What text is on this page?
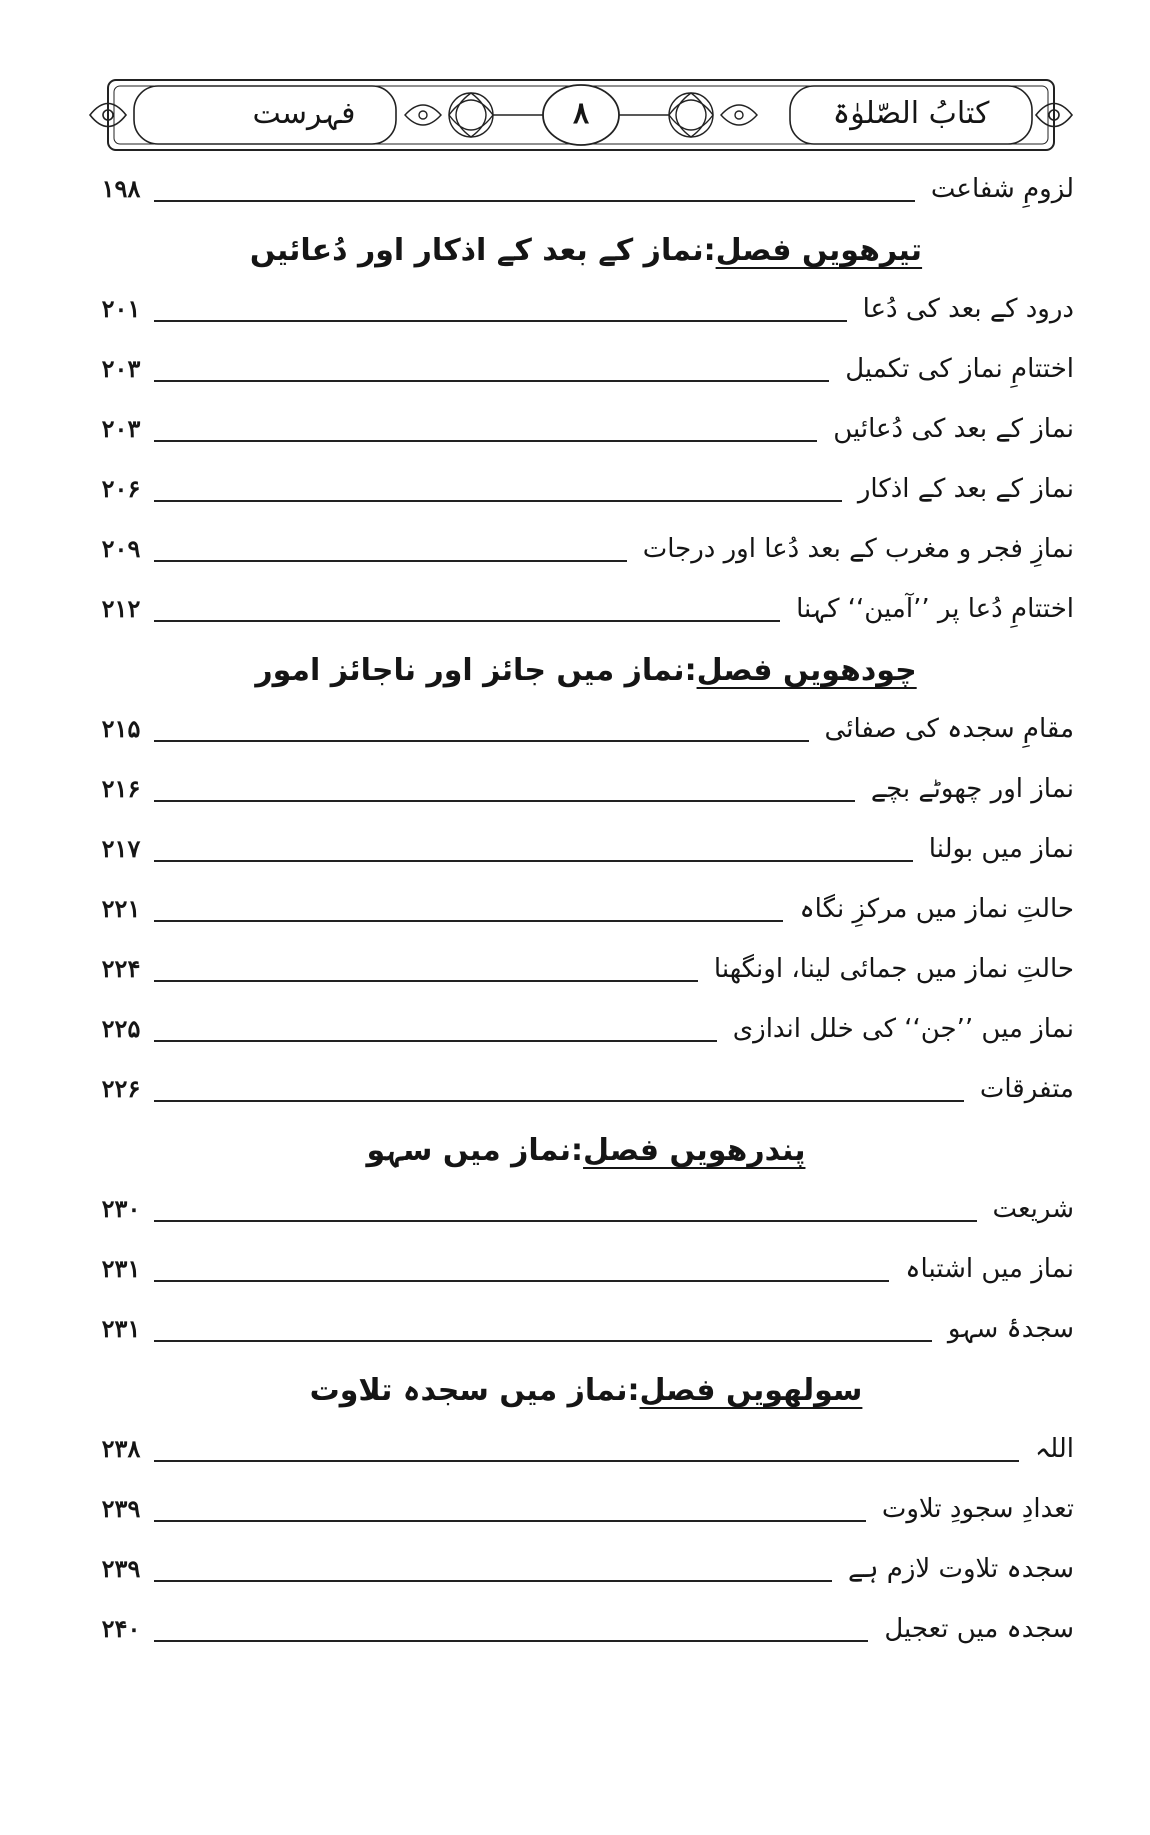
کتابُ الصّلوٰۃ
۸
فہرست
لزومِ شفاعت
۱۹۸
تیرھویں فصل:نماز کے بعد کے اذکار اور دُعائیں
درود کے بعد کی دُعا
۲۰۱
اختتامِ نماز کی تکمیل
۲۰۳
نماز کے بعد کی دُعائیں
۲۰۳
نماز کے بعد کے اذکار
۲۰۶
نمازِ فجر و مغرب کے بعد دُعا اور درجات
۲۰۹
اختتامِ دُعا پر ’’آمین‘‘ کہنا
۲۱۲
چودھویں فصل:نماز میں جائز اور ناجائز امور
مقامِ سجدہ کی صفائی
۲۱۵
نماز اور چھوٹے بچے
۲۱۶
نماز میں بولنا
۲۱۷
حالتِ نماز میں مرکزِ نگاہ
۲۲۱
حالتِ نماز میں جمائی لینا، اونگھنا
۲۲۴
نماز میں ’’جن‘‘ کی خلل اندازی
۲۲۵
متفرقات
۲۲۶
پندرھویں فصل:نماز میں سہو
شریعت
۲۳۰
نماز میں اشتباہ
۲۳۱
سجدۂ سہو
۲۳۱
سولھویں فصل:نماز میں سجدہ تلاوت
اللہ
۲۳۸
تعدادِ سجودِ تلاوت
۲۳۹
سجدہ تلاوت لازم ہے
۲۳۹
سجدہ میں تعجیل
۲۴۰
